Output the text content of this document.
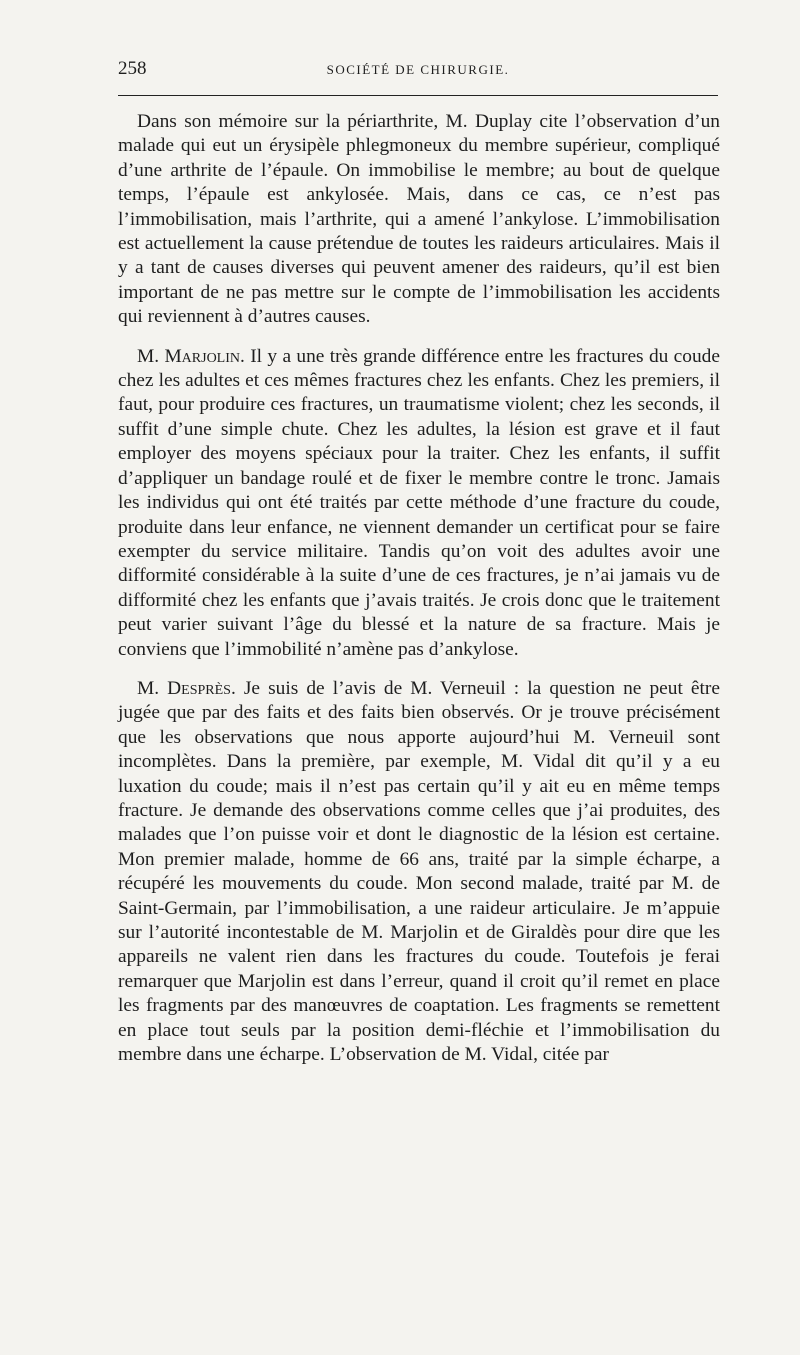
258	SOCIÉTÉ DE CHIRURGIE.

Dans son mémoire sur la périarthrite, M. Duplay cite l’observation d’un malade qui eut un érysipèle phlegmoneux du membre supérieur, compliqué d’une arthrite de l’épaule. On immobilise le membre; au bout de quelque temps, l’épaule est ankylosée. Mais, dans ce cas, ce n’est pas l’immobilisation, mais l’arthrite, qui a amené l’ankylose. L’immobilisation est actuellement la cause prétendue de toutes les raideurs articulaires. Mais il y a tant de causes diverses qui peuvent amener des raideurs, qu’il est bien important de ne pas mettre sur le compte de l’immobilisation les accidents qui reviennent à d’autres causes.

M. Marjolin. Il y a une très grande différence entre les fractures du coude chez les adultes et ces mêmes fractures chez les enfants. Chez les premiers, il faut, pour produire ces fractures, un traumatisme violent; chez les seconds, il suffit d’une simple chute. Chez les adultes, la lésion est grave et il faut employer des moyens spéciaux pour la traiter. Chez les enfants, il suffit d’appliquer un bandage roulé et de fixer le membre contre le tronc. Jamais les individus qui ont été traités par cette méthode d’une fracture du coude, produite dans leur enfance, ne viennent demander un certificat pour se faire exempter du service militaire. Tandis qu’on voit des adultes avoir une difformité considérable à la suite d’une de ces fractures, je n’ai jamais vu de difformité chez les enfants que j’avais traités. Je crois donc que le traitement peut varier suivant l’âge du blessé et la nature de sa fracture. Mais je conviens que l’immobilité n’amène pas d’ankylose.

M. Desprès. Je suis de l’avis de M. Verneuil : la question ne peut être jugée que par des faits et des faits bien observés. Or je trouve précisément que les observations que nous apporte aujourd’hui M. Verneuil sont incomplètes. Dans la première, par exemple, M. Vidal dit qu’il y a eu luxation du coude; mais il n’est pas certain qu’il y ait eu en même temps fracture. Je demande des observations comme celles que j’ai produites, des malades que l’on puisse voir et dont le diagnostic de la lésion est certaine. Mon premier malade, homme de 66 ans, traité par la simple écharpe, a récupéré les mouvements du coude. Mon second malade, traité par M. de Saint-Germain, par l’immobilisation, a une raideur articulaire. Je m’appuie sur l’autorité incontestable de M. Marjolin et de Giraldès pour dire que les appareils ne valent rien dans les fractures du coude. Toutefois je ferai remarquer que Marjolin est dans l’erreur, quand il croit qu’il remet en place les fragments par des manœuvres de coaptation. Les fragments se remettent en place tout seuls par la position demi-fléchie et l’immobilisation du membre dans une écharpe. L’observation de M. Vidal, citée par
